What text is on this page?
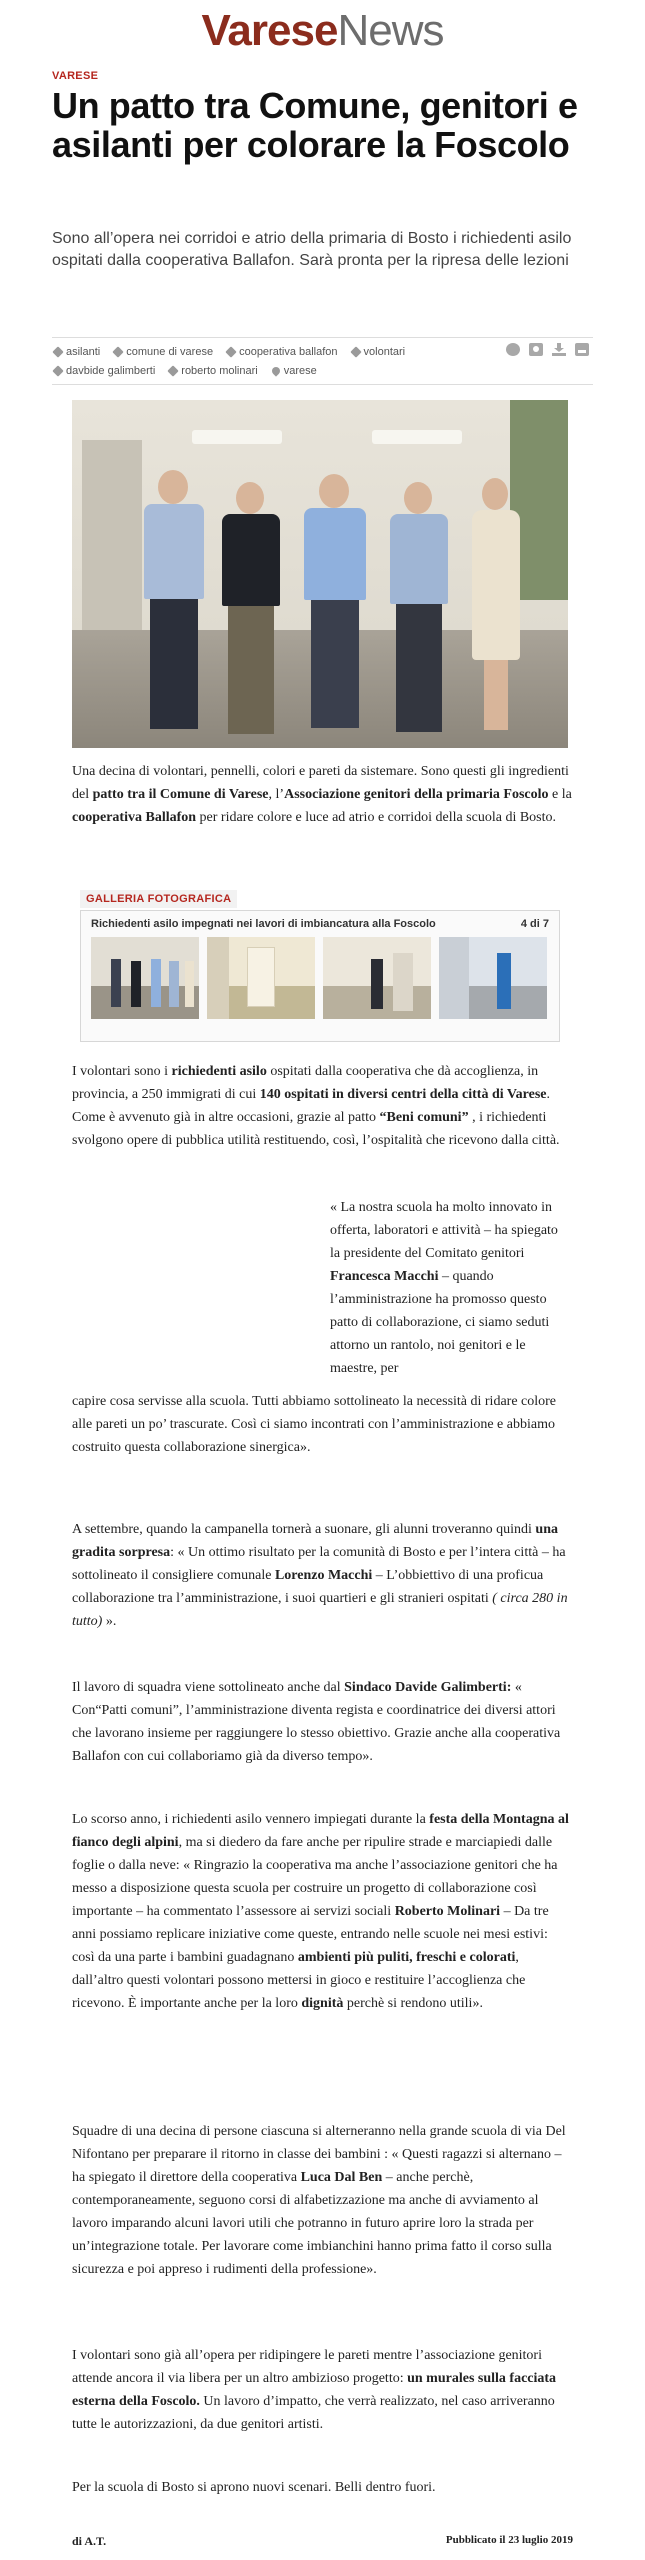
VareseNews
VARESE
Un patto tra Comune, genitori e asilanti per colorare la Foscolo

Sono all’opera nei corridoi e atrio della primaria di Bosto i richiedenti asilo ospitati dalla cooperativa Ballafon. Sarà pronta per la ripresa delle lezioni

asilanti comune di varese cooperativa ballafon volontari
davbide galimberti roberto molinari varese

Una decina di volontari, pennelli, colori e pareti da sistemare. Sono questi gli ingredienti del patto tra il Comune di Varese, l’Associazione genitori della primaria Foscolo e la cooperativa Ballafon per ridare colore e luce ad atrio e corridoi della scuola di Bosto.

GALLERIA FOTOGRAFICA
Richiedenti asilo impegnati nei lavori di imbiancatura alla Foscolo	4 di 7

I volontari sono i richiedenti asilo ospitati dalla cooperativa che dà accoglienza, in provincia, a 250 immigrati di cui 140 ospitati in diversi centri della città di Varese. Come è avvenuto già in altre occasioni, grazie al patto “Beni comuni” , i richiedenti svolgono opere di pubblica utilità restituendo, così, l’ospitalità che ricevono dalla città.

« La nostra scuola ha molto innovato in offerta, laboratori e attività – ha spiegato la presidente del Comitato genitori Francesca Macchi – quando l’amministrazione ha promosso questo patto di collaborazione, ci siamo seduti attorno un rantolo, noi genitori e le maestre, per

capire cosa servisse alla scuola. Tutti abbiamo sottolineato la necessità di ridare colore alle pareti un po’ trascurate. Così ci siamo incontrati con l’amministrazione e abbiamo costruito questa collaborazione sinergica».

A settembre, quando la campanella tornerà a suonare, gli alunni troveranno quindi una gradita sorpresa: « Un ottimo risultato per la comunità di Bosto e per l’intera città – ha sottolineato il consigliere comunale Lorenzo Macchi – L’obbiettivo di una proficua collaborazione tra l’amministrazione, i suoi quartieri e gli stranieri ospitati ( circa 280 in tutto) ».

Il lavoro di squadra viene sottolineato anche dal Sindaco Davide Galimberti: « Con“Patti comuni”, l’amministrazione diventa regista e coordinatrice dei diversi attori che lavorano insieme per raggiungere lo stesso obiettivo. Grazie anche alla cooperativa Ballafon con cui collaboriamo già da diverso tempo».

Lo scorso anno, i richiedenti asilo vennero impiegati durante la festa della Montagna al fianco degli alpini, ma si diedero da fare anche per ripulire strade e marciapiedi dalle foglie o dalla neve: « Ringrazio la cooperativa ma anche l’associazione genitori che ha messo a disposizione questa scuola per costruire un progetto di collaborazione così importante – ha commentato l’assessore ai servizi sociali Roberto Molinari – Da tre anni possiamo replicare iniziative come queste, entrando nelle scuole nei mesi estivi: così da una parte i bambini guadagnano ambienti più puliti, freschi e colorati, dall’altro questi volontari possono mettersi in gioco e restituire l’accoglienza che ricevono. È importante anche per la loro dignità perchè si rendono utili».

Squadre di una decina di persone ciascuna si alterneranno nella grande scuola di via Del Nifontano per preparare il ritorno in classe dei bambini : « Questi ragazzi si alternano – ha spiegato il direttore della cooperativa Luca Dal Ben – anche perchè, contemporaneamente, seguono corsi di alfabetizzazione ma anche di avviamento al lavoro imparando alcuni lavori utili che potranno in futuro aprire loro la strada per un’integrazione totale. Per lavorare come imbianchini hanno prima fatto il corso sulla sicurezza e poi appreso i rudimenti della professione».

I volontari sono già all’opera per ridipingere le pareti mentre l’associazione genitori attende ancora il via libera per un altro ambizioso progetto: un murales sulla facciata esterna della Foscolo. Un lavoro d’impatto, che verrà realizzato, nel caso arriveranno tutte le autorizzazioni, da due genitori artisti.

Per la scuola di Bosto si aprono nuovi scenari. Belli dentro fuori.

di A.T.	Pubblicato il 23 luglio 2019
